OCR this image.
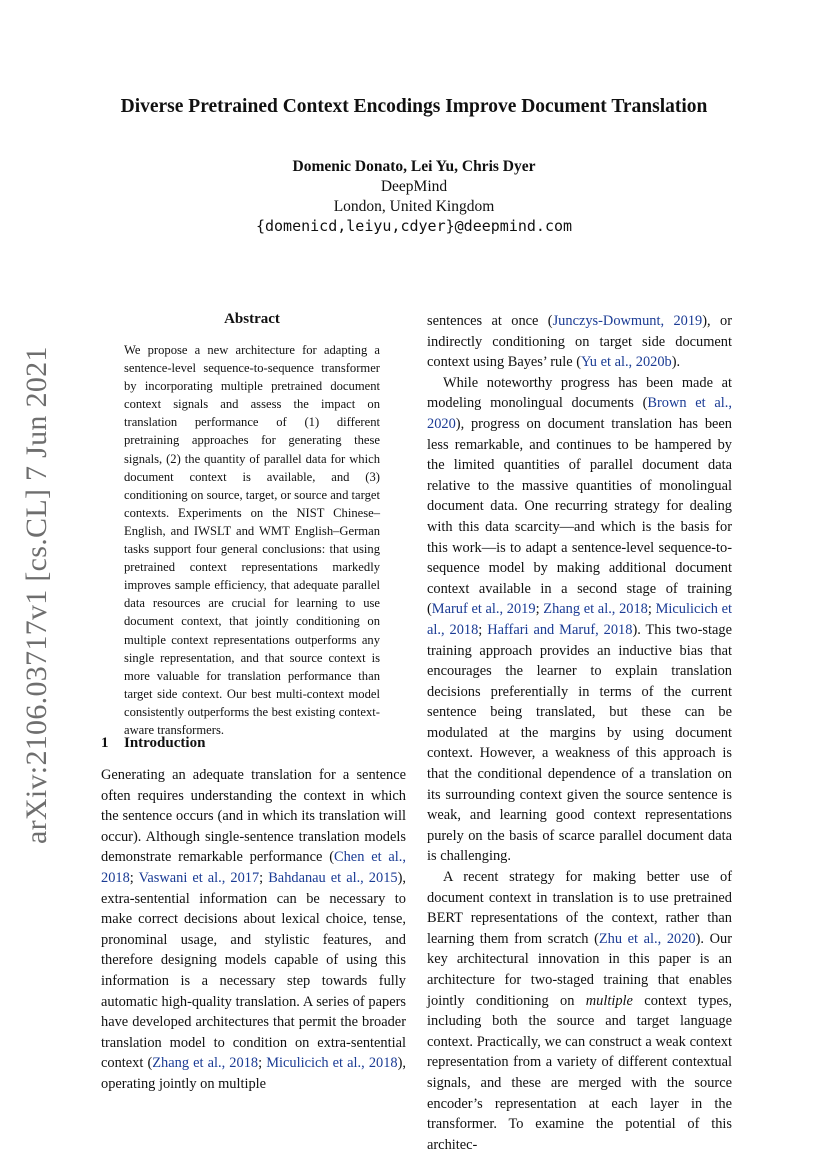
arXiv:2106.03717v1 [cs.CL] 7 Jun 2021
Diverse Pretrained Context Encodings Improve Document Translation
Domenic Donato, Lei Yu, Chris Dyer
DeepMind
London, United Kingdom
{domenicd,leiyu,cdyer}@deepmind.com
Abstract
We propose a new architecture for adapting a sentence-level sequence-to-sequence transformer by incorporating multiple pretrained document context signals and assess the impact on translation performance of (1) different pretraining approaches for generating these signals, (2) the quantity of parallel data for which document context is available, and (3) conditioning on source, target, or source and target contexts. Experiments on the NIST Chinese–English, and IWSLT and WMT English–German tasks support four general conclusions: that using pretrained context representations markedly improves sample efficiency, that adequate parallel data resources are crucial for learning to use document context, that jointly conditioning on multiple context representations outperforms any single representation, and that source context is more valuable for translation performance than target side context. Our best multi-context model consistently outperforms the best existing context-aware transformers.
1 Introduction

Generating an adequate translation for a sentence often requires understanding the context in which the sentence occurs (and in which its translation will occur). Although single-sentence translation models demonstrate remarkable performance (Chen et al., 2018; Vaswani et al., 2017; Bahdanau et al., 2015), extra-sentential information can be necessary to make correct decisions about lexical choice, tense, pronominal usage, and stylistic features, and therefore designing models capable of using this information is a necessary step towards fully automatic high-quality translation. A series of papers have developed architectures that permit the broader translation model to condition on extra-sentential context (Zhang et al., 2018; Miculicich et al., 2018), operating jointly on multiple

sentences at once (Junczys-Dowmunt, 2019), or indirectly conditioning on target side document context using Bayes’ rule (Yu et al., 2020b).

While noteworthy progress has been made at modeling monolingual documents (Brown et al., 2020), progress on document translation has been less remarkable, and continues to be hampered by the limited quantities of parallel document data relative to the massive quantities of monolingual document data. One recurring strategy for dealing with this data scarcity—and which is the basis for this work—is to adapt a sentence-level sequence-to-sequence model by making additional document context available in a second stage of training (Maruf et al., 2019; Zhang et al., 2018; Miculicich et al., 2018; Haffari and Maruf, 2018). This two-stage training approach provides an inductive bias that encourages the learner to explain translation decisions preferentially in terms of the current sentence being translated, but these can be modulated at the margins by using document context. However, a weakness of this approach is that the conditional dependence of a translation on its surrounding context given the source sentence is weak, and learning good context representations purely on the basis of scarce parallel document data is challenging.

A recent strategy for making better use of document context in translation is to use pretrained BERT representations of the context, rather than learning them from scratch (Zhu et al., 2020). Our key architectural innovation in this paper is an architecture for two-staged training that enables jointly conditioning on multiple context types, including both the source and target language context. Practically, we can construct a weak context representation from a variety of different contextual signals, and these are merged with the source encoder’s representation at each layer in the transformer. To examine the potential of this architec-
